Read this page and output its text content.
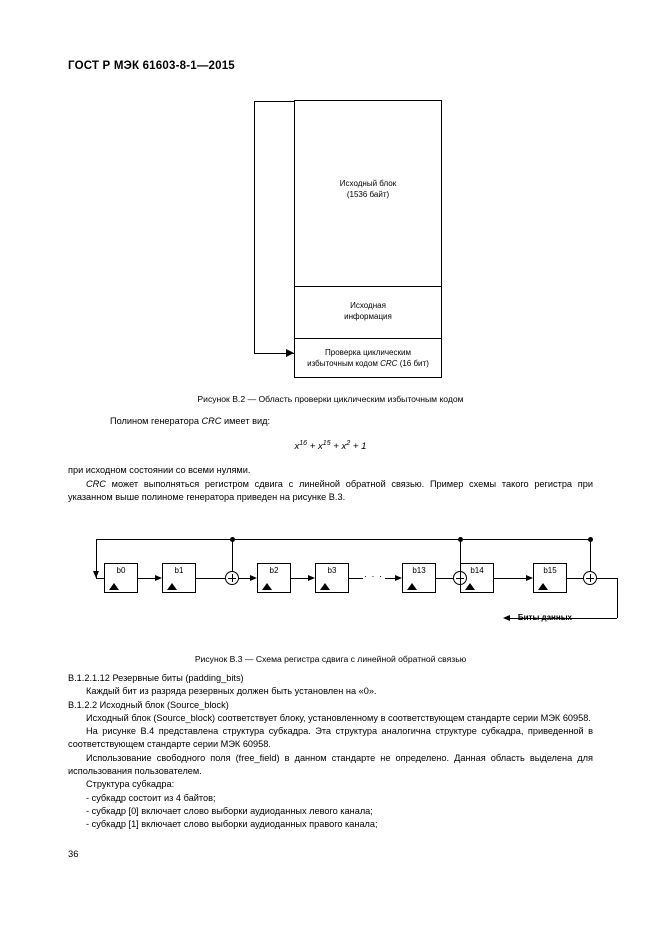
ГОСТ Р МЭК 61603-8-1—2015
Исходный блок
(1536 байт)
Исходная
информация
Проверка циклическим
избыточным кодом CRC (16 бит)
Рисунок В.2 — Область проверки циклическим избыточным кодом
Полином генератора CRC имеет вид:
$x^{16} + x^{15} + x^2 + 1$
при исходном состоянии со всеми нулями.

CRC может выполняться регистром сдвига с линейной обратной связью. Пример схемы такого регистра при указанном выше полиноме генератора приведен на рисунке В.3.
b0	b1	b2	b3	b13	b14	b15
· · ·
Биты данных
Рисунок В.3 — Схема регистра сдвига с линейной обратной связью

В.1.2.1.12 Резервные биты (padding_bits)

Каждый бит из разряда резервных должен быть установлен на «0».

В.1.2.2 Исходный блок (Source_block)

Исходный блок (Source_block) соответствует блоку, установленному в соответствующем стандарте серии МЭК 60958.

На рисунке В.4 представлена структура субкадра. Эта структура аналогична структуре субкадра, приведенной в соответствующем стандарте серии МЭК 60958.

Использование свободного поля (free_field) в данном стандарте не определено. Данная область выделена для использования пользователем.

Структура субкадра:

- субкадр состоит из 4 байтов;

- субкадр [0] включает слово выборки аудиоданных левого канала;

- субкадр [1] включает слово выборки аудиоданных правого канала;

36
